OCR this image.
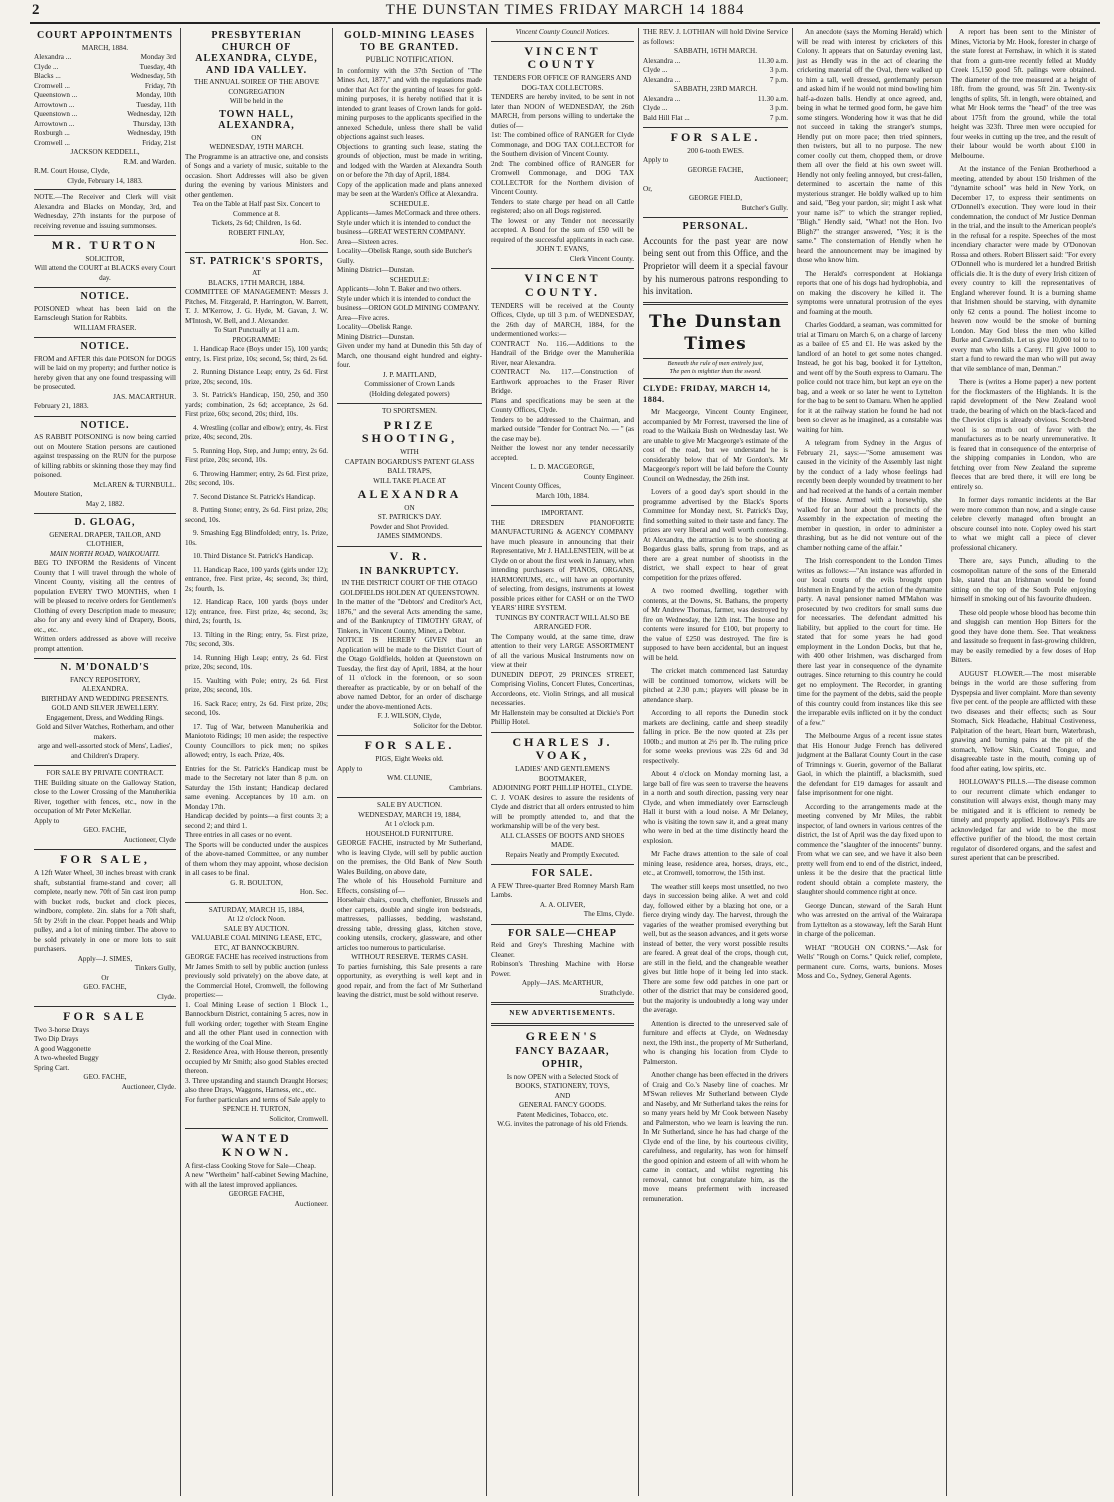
2	THE DUNSTAN TIMES FRIDAY MARCH 14 1884
COURT APPOINTMENTS
MARCH, 1884.
Alexandra ...	Monday 3rd
Clyde ...	Tuesday, 4th
Blacks ...	Wednesday, 5th
Cromwell ...	Friday, 7th
Queenstown ...	Monday, 10th
Arrowtown ...	Tuesday, 11th
Queenstown ...	Wednesday, 12th
Arrowtown ...	Thursday, 13th
Roxburgh ...	Wednesday, 19th
Cromwell ...	Friday, 21st
JACKSON KEDDELL,
R.M. and Warden.
R.M. Court House, Clyde,
Clyde, February 14, 1883.
NOTE.—The Receiver and Clerk will visit Alexandra and Blacks on Monday, 3rd, and Wednesday, 27th instants for the purpose of receiving revenue and issuing summonses.
MR. TURTON
SOLICITOR,
Will attend the COURT at BLACKS every Court day.
NOTICE.
POISONED wheat has been laid on the Earnscleugh Station for Rabbits.
WILLIAM FRASER.
NOTICE.
FROM and AFTER this date POISON for DOGS will be laid on my property; and further notice is hereby given that any one found trespassing will be prosecuted.
JAS. MACARTHUR.
February 21, 1883.
NOTICE.
AS RABBIT POISONING is now being carried out on Moutere Station persons are cautioned against trespassing on the RUN for the purpose of killing rabbits or skinning those they may find poisoned.
McLAREN & TURNBULL.
Moutere Station,
May 2, 1882.
D. GLOAG,
GENERAL DRAPER, TAILOR, AND CLOTHIER,
MAIN NORTH ROAD, WAIKOUAITI.
BEG TO INFORM the Residents of Vincent County that I will travel through the whole of Vincent County, visiting all the centres of population EVERY TWO MONTHS, when I will be pleased to receive orders for Gentlemen's Clothing of every Description made to measure; also for any and every kind of Drapery, Boots, etc., etc.
Written orders addressed as above will receive prompt attention.
N. M'DONALD'S
FANCY REPOSITORY,
ALEXANDRA.
BIRTHDAY AND WEDDING PRESENTS.
GOLD AND SILVER JEWELLERY.
Engagement, Dress, and Wedding Rings.
Gold and Silver Watches, Rotherham, and other makers.
arge and well-assorted stock of Mens', Ladies', and Children's Drapery.
FOR SALE BY PRIVATE CONTRACT.
THE Building situate on the Galloway Station, close to the Lower Crossing of the Manuherikia River, together with fences, etc., now in the occupation of Mr Peter McKellar.
Apply to
GEO. FACHE,
Auctioneer, Clyde
FOR SALE,
A 12ft Water Wheel, 30 inches breast with crank shaft, substantial frame-stand and cover; all complete, nearly new. 70ft of 5in cast iron pump with bucket rods, bucket and clock pieces, windbore, complete. 2in. slabs for a 70ft shaft, 5ft by 2½ft in the clear. Poppet heads and Whip pulley, and a lot of mining timber. The above to be sold privately in one or more lots to suit purchasers.
Apply—J. SIMES,
Tinkers Gully,
Or
GEO. FACHE,
Clyde.
FOR SALE
Two 3-horse Drays
Two Dip Drays
A good Waggonette
A two-wheeled Buggy
Spring Cart.
GEO. FACHE,
Auctioneer, Clyde.
PRESBYTERIAN CHURCH OF ALEXANDRA, CLYDE, AND IDA VALLEY.
THE ANNUAL SOIREE OF THE ABOVE CONGREGATION
Will be held in the
TOWN HALL, ALEXANDRA,
ON
WEDNESDAY, 19TH MARCH.
The Programme is an attractive one, and consists of Songs and a variety of music, suitable to the occasion. Short Addresses will also be given during the evening by various Ministers and other gentlemen.
Tea on the Table at Half past Six. Concert to Commence at 8.
Tickets, 2s 6d; Children, 1s 6d.
ROBERT FINLAY,
Hon. Sec.
ST. PATRICK'S SPORTS,
AT
BLACKS, 17TH MARCH, 1884.
COMMITTEE OF MANAGEMENT: Messrs J. Pitches, M. Fitzgerald, P. Harrington, W. Barrett, T. J. M'Kerrow, J. G. Hyde, M. Gavan, J. W. M'Intosh, W. Bell, and J. Alexander.
To Start Punctually at 11 a.m.
PROGRAMME:
1. Handicap Race (Boys under 15), 100 yards; entry, 1s. First prize, 10s; second, 5s; third, 2s 6d.
2. Running Distance Leap; entry, 2s 6d. First prize, 20s; second, 10s.
3. St. Patrick's Handicap, 150, 250, and 350 yards; combination, 2s 6d; acceptance, 2s 6d. First prize, 60s; second, 20s; third, 10s.
4. Wrestling (collar and elbow); entry, 4s. First prize, 40s; second, 20s.
5. Running Hop, Step, and Jump; entry, 2s 6d. First prize, 20s; second, 10s.
6. Throwing Hammer; entry, 2s 6d. First prize, 20s; second, 10s.
7. Second Distance St. Patrick's Handicap.
8. Putting Stone; entry, 2s 6d. First prize, 20s; second, 10s.
9. Smashing Egg Blindfolded; entry, 1s. Prize, 10s.
10. Third Distance St. Patrick's Handicap.
11. Handicap Race, 100 yards (girls under 12); entrance, free. First prize, 4s; second, 3s; third, 2s; fourth, 1s.
12. Handicap Race, 100 yards (boys under 12); entrance, free. First prize, 4s; second, 3s; third, 2s; fourth, 1s.
13. Tilting in the Ring; entry, 5s. First prize, 70s; second, 30s.
14. Running High Leap; entry, 2s 6d. First prize, 20s; second, 10s.
15. Vaulting with Pole; entry, 2s 6d. First prize, 20s; second, 10s.
16. Sack Race; entry, 2s 6d. First prize, 20s; second, 10s.
17. Tug of War, between Manuherikia and Maniototo Ridings; 10 men aside; the respective County Councillors to pick men; no spikes allowed; entry, 1s each. Prize, 40s.
Entries for the St. Patrick's Handicap must be made to the Secretary not later than 8 p.m. on Saturday the 15th instant; Handicap declared same evening. Acceptances by 10 a.m. on Monday 17th.
Handicap decided by points—a first counts 3; a second 2; and third 1.
Three entries in all cases or no event.
The Sports will be conducted under the auspices of the above-named Committee, or any number of them whom they may appoint, whose decision in all cases to be final.
G. R. BOULTON,
Hon. Sec.
SATURDAY, MARCH 15, 1884,
At 12 o'clock Noon.
SALE BY AUCTION.
VALUABLE COAL MINING LEASE, ETC, ETC, AT BANNOCKBURN.
GEORGE FACHE has received instructions from Mr James Smith to sell by public auction (unless previously sold privately) on the above date, at the Commercial Hotel, Cromwell, the following properties:—
1. Coal Mining Lease of section 1 Block 1., Bannockburn District, containing 5 acres, now in full working order; together with Steam Engine and all the other Plant used in connection with the working of the Coal Mine.
2. Residence Area, with House thereon, presently occupied by Mr Smith; also good Stables erected thereon.
3. Three upstanding and staunch Draught Horses; also three Drays, Waggons, Harness, etc., etc.
For further particulars and terms of Sale apply to
SPENCE H. TURTON,
Solicitor, Cromwell.
WANTED KNOWN.
A first-class Cooking Stove for Sale—Cheap.
A new "Wertheim" half-cabinet Sewing Machine, with all the latest improved appliances.
GEORGE FACHE,
Auctioneer.
GOLD-MINING LEASES TO BE GRANTED.
PUBLIC NOTIFICATION.
In conformity with the 37th Section of "The Mines Act, 1877," and with the regulations made under that Act for the granting of leases for gold-mining purposes, it is hereby notified that it is intended to grant leases of Crown lands for gold-mining purposes to the applicants specified in the annexed Schedule, unless there shall be valid objections against such leases.
Objections to granting such lease, stating the grounds of objection, must be made in writing, and lodged with the Warden at Alexandra South on or before the 7th day of April, 1884.
Copy of the application made and plans annexed may be seen at the Warden's Office at Alexandra.
SCHEDULE.
Applicants—James McCormack and three others.
Style under which it is intended to conduct the business—GREAT WESTERN COMPANY.
Area—Sixteen acres.
Locality—Obelisk Range, south side Butcher's Gully.
Mining District—Dunstan.
SCHEDULE:
Applicants—John T. Baker and two others.
Style under which it is intended to conduct the business—ORION GOLD MINING COMPANY.
Area—Five acres.
Locality—Obelisk Range.
Mining District—Dunstan.
Given under my hand at Dunedin this 5th day of March, one thousand eight hundred and eighty-four.
J. P. MAITLAND,
Commissioner of Crown Lands
(Holding delegated powers)
TO SPORTSMEN.
PRIZE SHOOTING,
WITH
CAPTAIN BOGARDUS'S PATENT GLASS BALL TRAPS,
WILL TAKE PLACE AT
ALEXANDRA
ON
ST. PATRICK'S DAY.
Powder and Shot Provided.
JAMES SIMMONDS.
V. R.
IN BANKRUPTCY.
IN THE DISTRICT COURT OF THE OTAGO GOLDFIELDS HOLDEN AT QUEENSTOWN.
In the matter of the "Debtors' and Creditor's Act, 1876," and the several Acts amending the same, and of the Bankruptcy of TIMOTHY GRAY, of Tinkers, in Vincent County, Miner, a Debtor.
NOTICE IS HEREBY GIVEN that an Application will be made to the District Court of the Otago Goldfields, holden at Queenstown on Tuesday, the first day of April, 1884, at the hour of 11 o'clock in the forenoon, or so soon thereafter as practicable, by or on behalf of the above named Debtor, for an order of discharge under the above-mentioned Acts.
F. J. WILSON, Clyde,
Solicitor for the Debtor.
FOR SALE.
PIGS, Eight Weeks old.
Apply to
WM. CLUNIE,
Cambrians.
SALE BY AUCTION.
WEDNESDAY, MARCH 19, 1884,
At 1 o'clock p.m.
HOUSEHOLD FURNITURE.
GEORGE FACHE, instructed by Mr Sutherland, who is leaving Clyde, will sell by public auction on the premises, the Old Bank of New South Wales Building, on above date,
The whole of his Household Furniture and Effects, consisting of—
Horsehair chairs, couch, cheffonier, Brussels and other carpets, double and single iron bedsteads, mattresses, palliasses, bedding, washstand, dressing table, dressing glass, kitchen stove, cooking utensils, crockery, glassware, and other articles too numerous to particularise.
WITHOUT RESERVE. TERMS CASH.
To parties furnishing, this Sale presents a rare opportunity, as everything is well kept and in good repair, and from the fact of Mr Sutherland leaving the district, must be sold without reserve.
Vincent County Council Notices.
VINCENT COUNTY
TENDERS FOR OFFICE OF RANGERS AND DOG-TAX COLLECTORS.
TENDERS are hereby invited, to be sent in not later than NOON of WEDNESDAY, the 26th MARCH, from persons willing to undertake the duties of—
1st: The combined office of RANGER for Clyde Commonage, and DOG TAX COLLECTOR for the Southern division of Vincent County.
2nd: The combined office of RANGER for Cromwell Commonage, and DOG TAX COLLECTOR for the Northern division of Vincent County.
Tenders to state charge per head on all Cattle registered; also on all Dogs registered.
The lowest or any Tender not necessarily accepted. A Bond for the sum of £50 will be required of the successful applicants in each case.
JOHN T. EVANS,
Clerk Vincent County.
VINCENT COUNTY.
TENDERS will be received at the County Offices, Clyde, up till 3 p.m. of WEDNESDAY, the 26th day of MARCH, 1884, for the undermentioned works:—
CONTRACT No. 116.—Additions to the Handrail of the Bridge over the Manuherikia River, near Alexandra.
CONTRACT No. 117.—Construction of Earthwork approaches to the Fraser River Bridge.
Plans and specifications may be seen at the County Offices, Clyde.
Tenders to be addressed to the Chairman, and marked outside "Tender for Contract No. — " (as the case may be).
Neither the lowest nor any tender necessarily accepted.
L. D. MACGEORGE,
County Engineer.
Vincent County Offices,
March 10th, 1884.
IMPORTANT.
THE DRESDEN PIANOFORTE MANUFACTURING & AGENCY COMPANY have much pleasure in announcing that their Representative, Mr J. HALLENSTEIN, will be at Clyde on or about the first week in January, when intending purchasers of PIANOS, ORGANS, HARMONIUMS, etc., will have an opportunity of selecting, from designs, instruments at lowest possible prices either for CASH or on the TWO YEARS' HIRE SYSTEM.
TUNINGS BY CONTRACT WILL ALSO BE ARRANGED FOR.
The Company would, at the same time, draw attention to their very LARGE ASSORTMENT of all the various Musical Instruments now on view at their
DUNEDIN DEPOT, 29 PRINCES STREET, Comprising Violins, Concert Flutes, Concertinas, Accordeons, etc. Violin Strings, and all musical necessaries.
Mr Hallenstein may be consulted at Dickie's Port Phillip Hotel.
CHARLES J. VOAK,
LADIES' AND GENTLEMEN'S BOOTMAKER,
ADJOINING PORT PHILLIP HOTEL, CLYDE.
C. J. VOAK desires to assure the residents of Clyde and district that all orders entrusted to him will be promptly attended to, and that the workmanship will be of the very best.
ALL CLASSES OF BOOTS AND SHOES MADE.
Repairs Neatly and Promptly Executed.
FOR SALE.
A FEW Three-quarter Bred Romney Marsh Ram Lambs.
A. A. OLIVER,
The Elms, Clyde.
FOR SALE—CHEAP
Reid and Grey's Threshing Machine with Cleaner.
Robinson's Threshing Machine with Horse Power.
Apply—JAS. McARTHUR,
Strathclyde.
NEW ADVERTISEMENTS.
GREEN'S
FANCY BAZAAR,
OPHIR,
Is now OPEN with a Selected Stock of
BOOKS, STATIONERY, TOYS,
AND
GENERAL FANCY GOODS.
Patent Medicines, Tobacco, etc.
W.G. invites the patronage of his old Friends.
THE REV. J. LOTHIAN will hold Divine Service as follows:
SABBATH, 16TH MARCH.
Alexandra ...	11.30 a.m.
Clyde ...	3 p.m.
Alexandra ...	7 p.m.
SABBATH, 23RD MARCH.
Alexandra ...	11.30 a.m.
Clyde ...	3 p.m.
Bald Hill Flat ...	7 p.m.
FOR SALE.
200 6-tooth EWES.
Apply to
GEORGE FACHE,
Auctioneer;
Or,
GEORGE FIELD,
Butcher's Gully.
PERSONAL.
Accounts for the past year are now being sent out from this Office, and the Proprietor will deem it a special favour by his numerous patrons responding to his invitation.
The Dunstan Times
Beneath the rule of men entirely just,
The pen is mightier than the sword.
CLYDE: FRIDAY, MARCH 14, 1884.
Mr Macgeorge, Vincent County Engineer, accompanied by Mr Forrest, traversed the line of road to the Waikaia Bush on Wednesday last. We are unable to give Mr Macgeorge's estimate of the cost of the road, but we understand he is considerably below that of Mr Gordon's. Mr Macgeorge's report will be laid before the County Council on Wednesday, the 26th inst.
Lovers of a good day's sport should in the programme advertised by the Black's Sports Committee for Monday next, St. Patrick's Day, find something suited to their taste and fancy. The prizes are very liberal and well worth contesting. At Alexandra, the attraction is to be shooting at Bogardus glass balls, sprung from traps, and as there are a great number of shootists in the district, we shall expect to hear of great competition for the prizes offered.
A two roomed dwelling, together with contents, at the Downs, St. Bathans, the property of Mr Andrew Thomas, farmer, was destroyed by fire on Wednesday, the 12th inst. The house and contents were insured for £100, but property to the value of £250 was destroyed. The fire is supposed to have been accidental, but an inquest will be held.
The cricket match commenced last Saturday will be continued tomorrow, wickets will be pitched at 2.30 p.m.; players will please be in attendance sharp.
According to all reports the Dunedin stock markets are declining, cattle and sheep steadily falling in price. Be the now quoted at 23s per 100lb.; and mutton at 2½ per lb. The ruling price for some weeks previous was 22s 6d and 3d respectively.
About 4 o'clock on Monday morning last, a large ball of fire was seen to traverse the heavens in a north and south direction, passing very near Clyde, and when immediately over Earnscleugh Hall it burst with a loud noise. A Mr Delaney, who is visiting the town saw it, and a great many who were in bed at the time distinctly heard the explosion.
Mr Fache draws attention to the sale of coal mining lease, residence area, horses, drays, etc., etc., at Cromwell, tomorrow, the 15th inst.
The weather still keeps most unsettled, no two days in succession being alike. A wet and cold day, followed either by a blazing hot one, or a fierce drying windy day. The harvest, through the vagaries of the weather promised everything but well, but as the season advances, and it gets worse instead of better, the very worst possible results are feared. A great deal of the crops, though cut, are still in the field, and the changeable weather gives but little hope of it being led into stack. There are some few odd patches in one part or other of the district that may be considered good, but the majority is undoubtedly a long way under the average.
Attention is directed to the unreserved sale of furniture and effects at Clyde, on Wednesday next, the 19th inst., the property of Mr Sutherland, who is changing his location from Clyde to Palmerston.
Another change has been effected in the drivers of Craig and Co.'s Naseby line of coaches. Mr M'Swan relieves Mr Sutherland between Clyde and Naseby, and Mr Sutherland takes the reins for so many years held by Mr Cook between Naseby and Palmerston, who we learn is leaving the run. In Mr Sutherland, since he has had charge of the Clyde end of the line, by his courteous civility, carefulness, and regularity, has won for himself the good opinion and esteem of all with whom he came in contact, and whilst regretting his removal, cannot but congratulate him, as the move means preferment with increased remuneration.
An anecdote (says the Morning Herald) which will be read with interest by cricketers of this Colony. It appears that on Saturday evening last, just as Hendly was in the act of clearing the cricketing material off the Oval, there walked up to him a tall, well dressed, gentlemanly person and asked him if he would not mind bowling him half-a-dozen balls. Hendly at once agreed, and, being in what he termed good form, he gave him some stingers. Wondering how it was that he did not succeed in taking the stranger's stumps, Hendly put on more pace; then tried spinners, then twisters, but all to no purpose. The new comer coolly cut them, chopped them, or drove them all over the field at his own sweet will. Hendly not only feeling annoyed, but crest-fallen, determined to ascertain the name of this mysterious stranger. He boldly walked up to him and said, "Beg your pardon, sir; might I ask what your name is?" to which the stranger replied, "Bligh." Hendly said, "What! not the Hon. Ivo Bligh?" the stranger answered, "Yes; it is the same." The consternation of Hendly when he heard the announcement may be imagined by those who know him.
The Herald's correspondent at Hokianga reports that one of his dogs had hydrophobia, and on making the discovery he killed it. The symptoms were unnatural protrusion of the eyes and foaming at the mouth.
Charles Goddard, a seaman, was committed for trial at Timaru on March 6, on a charge of larceny as a bailee of £5 and £1. He was asked by the landlord of an hotel to get some notes changed. Instead, he got his bag, booked it for Lyttelton, and went off by the South express to Oamaru. The police could not trace him, but kept an eye on the bag, and a week or so later he went to Lyttelton for the bag to be sent to Oamaru. When he applied for it at the railway station he found he had not been so clever as he imagined, as a constable was waiting for him.
A telegram from Sydney in the Argus of February 21, says:—"Some amusement was caused in the vicinity of the Assembly last night by the conduct of a lady whose feelings had recently been deeply wounded by treatment to her and had received at the hands of a certain member of the House. Armed with a horsewhip, she walked for an hour about the precincts of the Assembly in the expectation of meeting the member in question, in order to administer a thrashing, but as he did not venture out of the chamber nothing came of the affair."
The Irish correspondent to the London Times writes as follows:—"An instance was afforded in our local courts of the evils brought upon Irishmen in England by the action of the dynamite party. A naval pensioner named M'Mahon was prosecuted by two creditors for small sums due for necessaries. The defendant admitted his liability, but applied to the court for time. He stated that for some years he had good employment in the London Docks, but that he, with 400 other Irishmen, was discharged from there last year in consequence of the dynamite outrages. Since returning to this country he could get no employment. The Recorder, in granting time for the payment of the debts, said the people of this country could from instances like this see the irreparable evils inflicted on it by the conduct of a few."
The Melbourne Argus of a recent issue states that His Honour Judge French has delivered judgment at the Ballarat County Court in the case of Trimnings v. Guerin, governor of the Ballarat Gaol, in which the plaintiff, a blacksmith, sued the defendant for £19 damages for assault and false imprisonment for one night.
According to the arrangements made at the meeting convened by Mr Miles, the rabbit inspector, of land owners in various centres of the district, the 1st of April was the day fixed upon to commence the "slaughter of the innocents" bunny. From what we can see, and we have it also been pretty well from end to end of the district, indeed, unless it be the desire that the practical little rodent should obtain a complete mastery, the slaughter should commence right at once.
George Duncan, steward of the Sarah Hunt who was arrested on the arrival of the Wairarapa from Lyttelton as a stowaway, left the Sarah Hunt in charge of the policeman.
WHAT "ROUGH ON CORNS."—Ask for Wells' "Rough on Corns." Quick relief, complete, permanent cure. Corns, warts, bunions. Moses Moss and Co., Sydney, General Agents.
A report has been sent to the Minister of Mines, Victoria by Mr. Hook, forester in charge of the state forest at Fernshaw, in which it is stated that from a gum-tree recently felled at Muddy Creek 15,150 good 5ft. palings were obtained. The diameter of the tree measured at a height of 18ft. from the ground, was 5ft 2in. Twenty-six lengths of splits, 5ft. in length, were obtained, and what Mr Hook terms the "head" of the tree was about 175ft from the ground, while the total height was 323ft. Three men were occupied for four weeks in cutting up the tree, and the result of their labour would be worth about £100 in Melbourne.
At the instance of the Fenian Brotherhood a meeting, attended by about 150 Irishmen of the "dynamite school" was held in New York, on December 17, to express their sentiments on O'Donnell's execution. They were loud in their condemnation, the conduct of Mr Justice Denman in the trial, and the insult to the American people's in the refusal for a respite. Speeches of the most incendiary character were made by O'Donovan Rossa and others. Robert Blissert said: "For every O'Donnell who is murdered let a hundred British officials die. It is the duty of every Irish citizen of every country to kill the representatives of England wherever found. It is a burning shame that Irishmen should be starving, with dynamite only 62 cents a pound. The holiest income to heaven now would be the smoke of burning London. May God bless the men who killed Burke and Cavendish. Let us give 10,000 tol to to every man who kills a Carey. I'll give 1000 to start a fund to reward the man who will put away that vile semblance of man, Denman."
There is (writes a Home paper) a new portent for the flockmasters of the Highlands. It is the rapid development of the New Zealand wool trade, the bearing of which on the black-faced and the Cheviot clips is already obvious. Scotch-bred wool is so much out of favor with the manufacturers as to be nearly unremunerative. It is feared that in consequence of the enterprise of the shipping companies in London, who are fetching over from New Zealand the supreme fleeces that are bred there, it will ere long be entirely so.
In former days romantic incidents at the Bar were more common than now, and a single cause celebre cleverly managed often brought an obscure counsel into note. Copley owed his start to what we might call a piece of clever professional chicanery.
There are, says Punch, alluding to the cosmopolitan nature of the sons of the Emerald Isle, stated that an Irishman would be found sitting on the top of the South Pole enjoying himself in smoking out of his favourite dhudeen.
These old people whose blood has become thin and sluggish can mention Hop Bitters for the good they have done them. See. That weakness and lassitude so frequent in fast-growing children, may be easily remedied by a few doses of Hop Bitters.
AUGUST FLOWER.—The most miserable beings in the world are those suffering from Dyspepsia and liver complaint. More than seventy five per cent. of the people are afflicted with these two diseases and their effects; such as Sour Stomach, Sick Headache, Habitual Costiveness, Palpitation of the heart, Heart burn, Waterbrash, gnawing and burning pains at the pit of the stomach, Yellow Skin, Coated Tongue, and disagreeable taste in the mouth, coming up of food after eating, low spirits, etc.
HOLLOWAY'S PILLS.—The disease common to our recurrent climate which endanger to constitution will always exist, though many may be mitigated and it is efficient to remedy be timely and properly applied. Holloway's Pills are acknowledged far and wide to be the most effective purifier of the blood, the most certain regulator of disordered organs, and the safest and surest aperient that can be prescribed.
